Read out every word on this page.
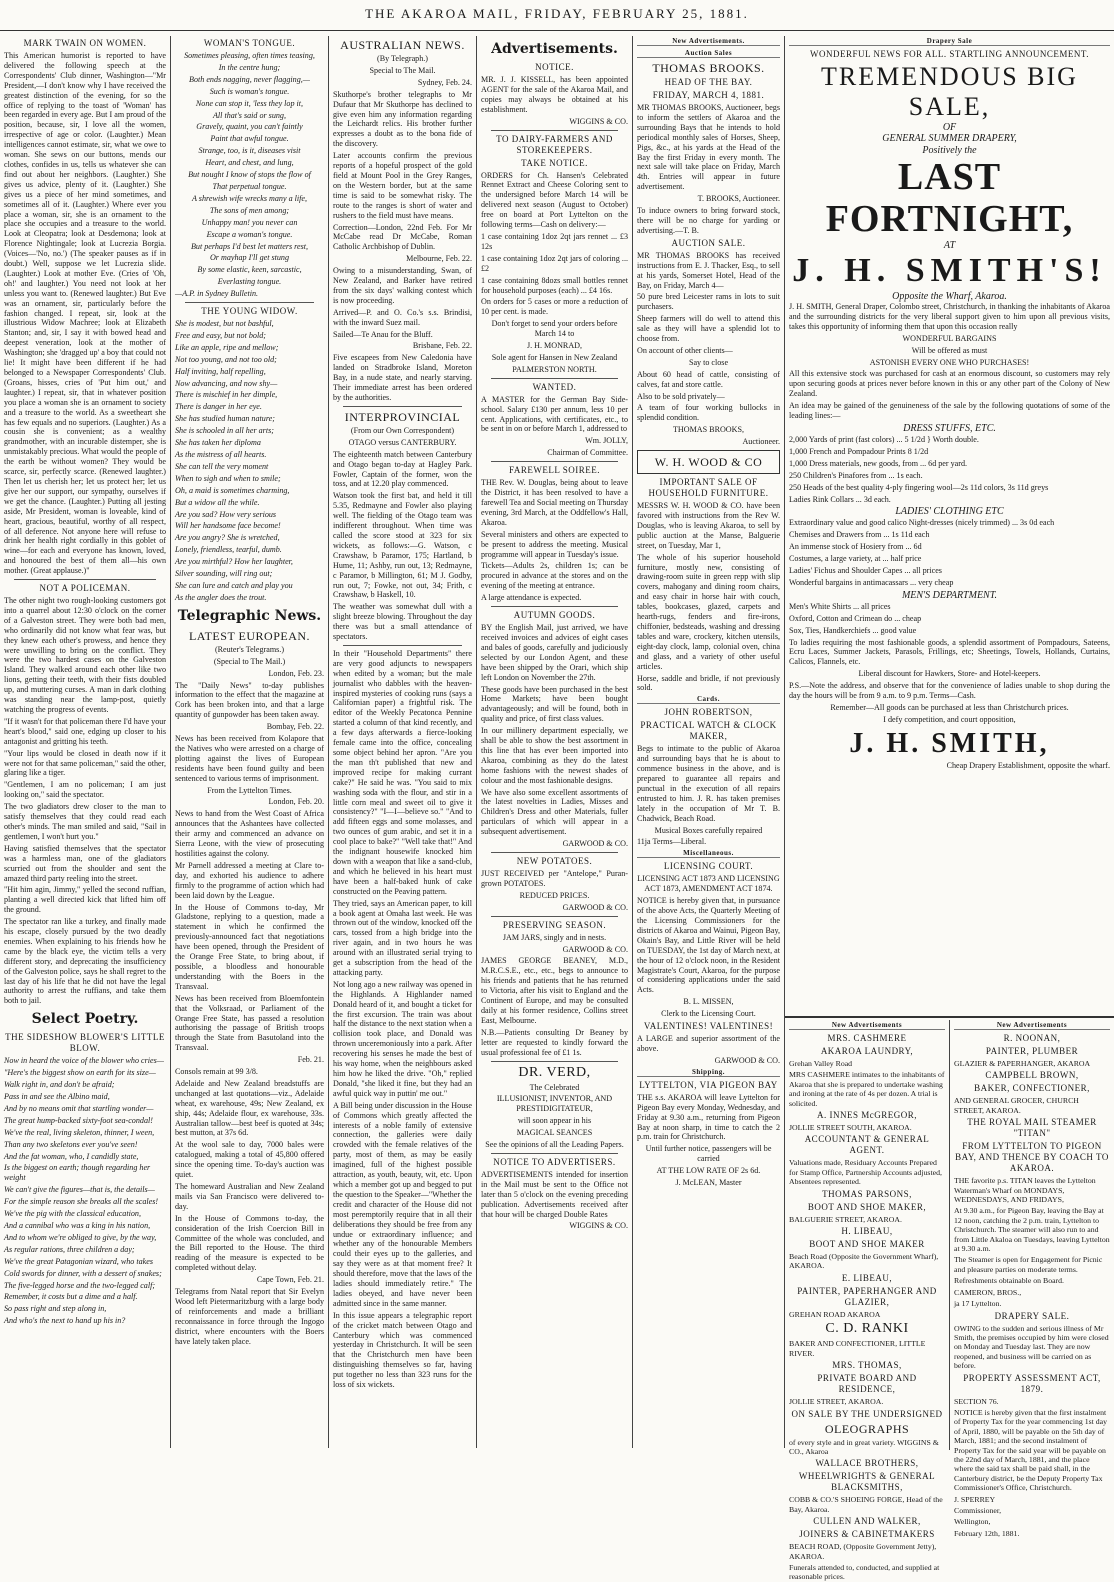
THE AKAROA MAIL, FRIDAY, FEBRUARY 25, 1881.
MARK TWAIN ON WOMEN.

This American humorist is reported to have delivered the following speech at the Correspondents' Club dinner, Washington—"Mr President,—I don't know why I have received the greatest distinction of the evening, for so the office of replying to the toast of 'Woman' has been regarded in every age. But I am proud of the position, because, sir, I love all the women, irrespective of age or color. (Laughter.) Mean intelligences cannot estimate, sir, what we owe to woman. She sews on our buttons, mends our clothes, confides in us, tells us whatever she can find out about her neighbors. (Laughter.) She gives us advice, plenty of it. (Laughter.) She gives us a piece of her mind sometimes, and sometimes all of it. (Laughter.) Where ever you place a woman, sir, she is an ornament to the place she occupies and a treasure to the world. Look at Cleopatra; look at Desdemona; look at Florence Nightingale; look at Lucrezia Borgia. (Voices—'No, no.') (The speaker pauses as if in doubt.) Well, suppose we let Lucrezia slide. (Laughter.) Look at mother Eve. (Cries of 'Oh, oh!' and laughter.) You need not look at her unless you want to. (Renewed laughter.) But Eve was an ornament, sir, particularly before the fashion changed. I repeat, sir, look at the illustrious Widow Machree; look at Elizabeth Stanton; and, sir, I say it with bowed head and deepest veneration, look at the mother of Washington; she 'dragged up' a boy that could not lie! It might have been different if he had belonged to a Newspaper Correspondents' Club. (Groans, hisses, cries of 'Put him out,' and laughter.) I repeat, sir, that in whatever position you place a woman she is an ornament to society and a treasure to the world. As a sweetheart she has few equals and no superiors. (Laughter.) As a cousin she is convenient; as a wealthy grandmother, with an incurable distemper, she is unmistakably precious. What would the people of the earth be without women? They would be scarce, sir, perfectly scarce. (Renewed laughter.) Then let us cherish her; let us protect her; let us give her our support, our sympathy, ourselves if we get the chance. (Laughter.) Putting all jesting aside, Mr President, woman is loveable, kind of heart, gracious, beautiful, worthy of all respect, of all deference. Not anyone here will refuse to drink her health right cordially in this goblet of wine—for each and everyone has known, loved, and honoured the best of them all—his own mother. (Great applause.)"

NOT A POLICEMAN.

The other night two rough-looking customers got into a quarrel about 12:30 o'clock on the corner of a Galveston street. They were both bad men, who ordinarily did not know what fear was, but they knew each other's prowess, and hence they were unwilling to bring on the conflict. They were the two hardest cases on the Galveston Island. They walked around each other like two lions, getting their teeth, with their fists doubled up, and muttering curses. A man in dark clothing was standing near the lamp-post, quietly watching the progress of events.

"If it wasn't for that policeman there I'd have your heart's blood," said one, edging up closer to his antagonist and gritting his teeth.

"Your lips would be closed in death now if it were not for that same policeman," said the other, glaring like a tiger.

"Gentlemen, I am no policeman; I am just looking on," said the spectator.

The two gladiators drew closer to the man to satisfy themselves that they could read each other's minds. The man smiled and said, "Sail in gentlemen, I won't hurt you."

Having satisfied themselves that the spectator was a harmless man, one of the gladiators scurried out from the shoulder and sent the amazed third party reeling into the street.

"Hit him agin, Jimmy," yelled the second ruffian, planting a well directed kick that lifted him off the ground.

The spectator ran like a turkey, and finally made his escape, closely pursued by the two deadly enemies. When explaining to his friends how he came by the black eye, the victim tells a very different story, and deprecating the insufficiency of the Galveston police, says he shall regret to the last day of his life that he did not have the legal authority to arrest the ruffians, and take them both to jail.

Select Poetry.
THE SIDESHOW BLOWER'S LITTLE BLOW.

Now in heard the voice of the blower who cries—

"Here's the biggest show on earth for its size—

Walk right in, and don't be afraid;

Pass in and see the Albino maid,

And by no means omit that startling wonder—

The great hump-backed sixty-foot sea-condal!

We've the real, living skeleton, thinner, I ween,

Than any two skeletons ever you've seen!

And the fat woman, who, I candidly state,

Is the biggest on earth; though regarding her weight

We can't give the figures—that is, the details—

For the simple reason she breaks all the scales!

We've the pig with the classical education,

And a cannibal who was a king in his nation,

And to whom we're obliged to give, by the way,

As regular rations, three children a day;

We've the great Patagonian wizard, who takes

Cold swords for dinner, with a dessert of snakes;

The five-legged horse and the two-legged calf;

Remember, it costs but a dime and a half.

So pass right and step along in,

And who's the next to hand up his in?

WOMAN'S TONGUE.

Sometimes pleasing, often times teasing,

In the centre hung;

Both ends nagging, never flagging,—

Such is woman's tongue.

None can stop it, 'less they lop it,

All that's said or sung,

Gravely, quaint, you can't faintly

Paint that awful tongue.

Strange, too, is it, diseases visit

Heart, and chest, and lung,

But nought I know of stops the flow of

That perpetual tongue.

A shrewish wife wrecks many a life,

The sons of men among;

Unhappy man! you never can

Escape a woman's tongue.

But perhaps I'd best let matters rest,

Or mayhap I'll get stung

By some elastic, keen, sarcastic,

Everlasting tongue.

—A.P. in Sydney Bulletin.

THE YOUNG WIDOW.

She is modest, but not bashful,

Free and easy, but not bold;

Like an apple, ripe and mellow;

Not too young, and not too old;

Half inviting, half repelling,

Now advancing, and now shy—

There is mischief in her dimple,

There is danger in her eye.

She has studied human nature;

She is schooled in all her arts;

She has taken her diploma

As the mistress of all hearts.

She can tell the very moment

When to sigh and when to smile;

Oh, a maid is sometimes charming,

But a widow all the while.

Are you sad? How very serious

Will her handsome face become!

Are you angry? She is wretched,

Lonely, friendless, tearful, dumb.

Are you mirthful? How her laughter,

Silver sounding, will ring out;

She can lure and catch and play you

As the angler does the trout.

Telegraphic News.
LATEST EUROPEAN.

(Reuter's Telegrams.)

(Special to The Mail.)

London, Feb. 23.

The "Daily News" to-day publishes information to the effect that the magazine at Cork has been broken into, and that a large quantity of gunpowder has been taken away.

Bombay, Feb. 22.

News has been received from Kolapore that the Natives who were arrested on a charge of plotting against the lives of European residents have been found guilty and been sentenced to various terms of imprisonment.

From the Lyttelton Times.

London, Feb. 20.

News to hand from the West Coast of Africa announces that the Ashantees have collected their army and commenced an advance on Sierra Leone, with the view of prosecuting hostilities against the colony.

Mr Parnell addressed a meeting at Clare to-day, and exhorted his audience to adhere firmly to the programme of action which had been laid down by the League.

In the House of Commons to-day, Mr Gladstone, replying to a question, made a statement in which he confirmed the previously-announced fact that negotiations have been opened, through the President of the Orange Free State, to bring about, if possible, a bloodless and honourable understanding with the Boers in the Transvaal.

News has been received from Bloemfontein that the Volksraad, or Parliament of the Orange Free State, has passed a resolution authorising the passage of British troops through the State from Basutoland into the Transvaal.

Feb. 21.

Consols remain at 99 3/8.

Adelaide and New Zealand breadstuffs are unchanged at last quotations—viz., Adelaide wheat, ex warehouse, 49s; New Zealand, ex ship, 44s; Adelaide flour, ex warehouse, 33s. Australian tallow—best beef is quoted at 34s; best mutton, at 37s 6d.

At the wool sale to day, 7000 bales were catalogued, making a total of 45,800 offered since the opening time. To-day's auction was quiet.

The homeward Australian and New Zealand mails via San Francisco were delivered to-day.

In the House of Commons to-day, the consideration of the Irish Coercion Bill in Committee of the whole was concluded, and the Bill reported to the House. The third reading of the measure is expected to be completed without delay.

Cape Town, Feb. 21.

Telegrams from Natal report that Sir Evelyn Wood left Pietermaritzburg with a large body of reinforcements and made a brilliant reconnaissance in force through the Ingogo district, where encounters with the Boers have lately taken place.

AUSTRALIAN NEWS.

(By Telegraph.)

Special to The Mail.

Sydney, Feb. 24.

Skuthorpe's brother telegraphs to Mr Dufaur that Mr Skuthorpe has declined to give even him any information regarding the Leichardt relics. His brother further expresses a doubt as to the bona fide of the discovery.

Later accounts confirm the previous reports of a hopeful prospect of the gold field at Mount Pool in the Grey Ranges, on the Western border, but at the same time is said to be somewhat risky. The route to the ranges is short of water and rushers to the field must have means.

Correction—London, 22nd Feb. For Mr McCabe read Dr McCabe, Roman Catholic Archbishop of Dublin.

Melbourne, Feb. 22.

Owing to a misunderstanding, Swan, of New Zealand, and Barker have retired from the six days' walking contest which is now proceeding.

Arrived—P. and O. Co.'s s.s. Brindisi, with the inward Suez mail.

Sailed—Te Anau for the Bluff.

Brisbane, Feb. 22.

Five escapees from New Caledonia have landed on Stradbroke Island, Moreton Bay, in a nude state, and nearly starving. Their immediate arrest has been ordered by the authorities.

INTERPROVINCIAL

(From our Own Correspondent)

OTAGO versus CANTERBURY.

The eighteenth match between Canterbury and Otago began to-day at Hagley Park. Fowler, Captain of the former, won the toss, and at 12.20 play commenced.

Watson took the first bat, and held it till 5.35, Redmayne and Fowler also playing well. The fielding of the Otago team was indifferent throughout. When time was called the score stood at 323 for six wickets, as follows:—G. Watson, c Crawshaw, b Paramor, 175; Hartland, b Hume, 11; Ashby, run out, 13; Redmayne, c Paramor, b Millington, 61; M J. Godby, run out, 7; Fowke, not out, 34; Frith, c Crawshaw, b Haskell, 10.

The weather was somewhat dull with a slight breeze blowing. Throughout the day there was but a small attendance of spectators.

In their "Household Departments" there are very good adjuncts to newspapers when edited by a woman; but the male journalist who dabbles with the heaven-inspired mysteries of cooking runs (says a Californian paper) a frightful risk. The editor of the Weekly Pecatonca Pennine started a column of that kind recently, and a few days afterwards a fierce-looking female came into the office, concealing some object behind her apron. "Are you the man th't published that new and improved recipe for making currant cake?" He said he was. "You said to mix washing soda with the flour, and stir in a little corn meal and sweet oil to give it consistency?" "I—I—believe so." "And to add fifteen eggs and some molasses, and two ounces of gum arabic, and set it in a cool place to bake?" "Well take that!" And the indignant housewife knocked him down with a weapon that like a sand-club, and which he believed in his heart must have been a half-baked hunk of cake constructed on the Peaving pattern.

They tried, says an American paper, to kill a book agent at Omaha last week. He was thrown out of the window, knocked off the cars, tossed from a high bridge into the river again, and in two hours he was around with an illustrated serial trying to get a subscription from the head of the attacking party.

Not long ago a new railway was opened in the Highlands. A Highlander named Donald heard of it, and bought a ticket for the first excursion. The train was about half the distance to the next station when a collision took place, and Donald was thrown unceremoniously into a park. After recovering his senses he made the best of his way home, when the neighbours asked him how he liked the drive. "Oh," replied Donald, "she liked it fine, but they had an awful quick way in puttin' me out."

A Bill being under discussion in the House of Commons which greatly affected the interests of a noble family of extensive connection, the galleries were daily crowded with the female relatives of the party, most of them, as may be easily imagined, full of the highest possible attraction, as youth, beauty, wit, etc. Upon which a member got up and begged to put the question to the Speaker—"Whether the credit and character of the House did not most peremptorily require that in all their deliberations they should be free from any undue or extraordinary influence; and whether any of the honourable Members could their eyes up to the galleries, and say they were as at that moment free? It should therefore, move that the laws of the ladies should immediately retire." The ladies obeyed, and have never been admitted since in the same manner.

In this issue appears a telegraphic report of the cricket match between Otago and Canterbury which was commenced yesterday in Christchurch. It will be seen that the Christchurch men have been distinguishing themselves so far, having put together no less than 323 runs for the loss of six wickets.

Advertisements.
NOTICE.

MR. J. J. KISSELL, has been appointed AGENT for the sale of the Akaroa Mail, and copies may always be obtained at his establishment.

WIGGINS & CO.

TO DAIRY-FARMERS AND STOREKEEPERS.
TAKE NOTICE.

ORDERS for Ch. Hansen's Celebrated Rennet Extract and Cheese Coloring sent to the undersigned before March 14 will be delivered next season (August to October) free on board at Port Lyttelton on the following terms—Cash on delivery:—

1 case containing 1doz 2qt jars rennet ... £3 12s

1 case containing 1doz 2qt jars of coloring ... £2

1 case containing 8dozs small bottles rennet for household purposes (each) ... £4 16s.

On orders for 5 cases or more a reduction of 10 per cent. is made.

Don't forget to send your orders before March 14 to

J. H. MONRAD,

Sole agent for Hansen in New Zealand

PALMERSTON NORTH.

WANTED.

A MASTER for the German Bay Side-school. Salary £130 per annum, less 10 per cent. Applications, with certificates, etc., to be sent in on or before March 1, addressed to

Wm. JOLLY,

Chairman of Committee.

FAREWELL SOIREE.

THE Rev. W. Douglas, being about to leave the District, it has been resolved to have a farewell Tea and Social meeting on Thursday evening, 3rd March, at the Oddfellow's Hall, Akaroa.

Several ministers and others are expected to be present to address the meeting. Musical programme will appear in Tuesday's issue.

Tickets—Adults 2s, children 1s; can be procured in advance at the stores and on the evening of the meeting at entrance.

A large attendance is expected.

AUTUMN GOODS.

BY the English Mail, just arrived, we have received invoices and advices of eight cases and bales of goods, carefully and judiciously selected by our London Agent, and these have been shipped by the Orari, which ship left London on November the 27th.

These goods have been purchased in the best Home Markets; have been bought advantageously; and will be found, both in quality and price, of first class values.

In our millinery department especially, we shall be able to show the best assortment in this line that has ever been imported into Akaroa, combining as they do the latest home fashions with the newest shades of colour and the most fashionable designs.

We have also some excellent assortments of the latest novelties in Ladies, Misses and Children's Dress and other Materials, fuller particulars of which will appear in a subsequent advertisement.

GARWOOD & CO.

NEW POTATOES.

JUST RECEIVED per "Antelope," Puran-grown POTATOES.

REDUCED PRICES.

GARWOOD & CO.

PRESERVING SEASON.

JAM JARS, singly and in nests.

GARWOOD & CO.

JAMES GEORGE BEANEY, M.D., M.R.C.S.E., etc., etc., begs to announce to his friends and patients that he has returned to Victoria, after his visit to England and the Continent of Europe, and may be consulted daily at his former residence, Collins street East, Melbourne.

N.B.—Patients consulting Dr Beaney by letter are requested to kindly forward the usual professional fee of £1 1s.

DR. VERD,

The Celebrated

ILLUSIONIST, INVENTOR, AND PRESTIDIGITATEUR,

will soon appear in his

MAGICAL SEANCES

See the opinions of all the Leading Papers.

NOTICE TO ADVERTISERS.

ADVERTISEMENTS intended for insertion in the Mail must be sent to the Office not later than 5 o'clock on the evening preceding publication. Advertisements received after that hour will be charged Double Rates

WIGGINS & CO.

New Advertisements.
Auction Sales
THOMAS BROOKS.
HEAD OF THE BAY.
FRIDAY, MARCH 4, 1881.

MR THOMAS BROOKS, Auctioneer, begs to inform the settlers of Akaroa and the surrounding Bays that he intends to hold periodical monthly sales of Horses, Sheep, Pigs, &c., at his yards at the Head of the Bay the first Friday in every month. The next sale will take place on Friday, March 4th. Entries will appear in future advertisement.

T. BROOKS, Auctioneer.

To induce owners to bring forward stock, there will be no charge for yarding or advertising.—T. B.

AUCTION SALE.

MR THOMAS BROOKS has received instructions from E. J. Thacker, Esq., to sell at his yards, Somerset Hotel, Head of the Bay, on Friday, March 4—

50 pure bred Leicester rams in lots to suit purchasers.

Sheep farmers will do well to attend this sale as they will have a splendid lot to choose from.

On account of other clients—

Say to close

About 60 head of cattle, consisting of calves, fat and store cattle.

Also to be sold privately—

A team of four working bullocks in splendid condition.

THOMAS BROOKS,

Auctioneer.

W. H. WOOD & CO
IMPORTANT SALE OF HOUSEHOLD FURNITURE.

MESSRS W. H. WOOD & CO. have been favored with instructions from the Rev W. Douglas, who is leaving Akaroa, to sell by public auction at the Manse, Balguerie street, on Tuesday, Mar 1,

The whole of his superior household furniture, mostly new, consisting of drawing-room suite in green repp with slip covers, mahogany and dining room chairs, and easy chair in horse hair with couch, tables, bookcases, glazed, carpets and hearth-rugs, fenders and fire-irons, chiffonier, bedsteads, washing and dressing tables and ware, crockery, kitchen utensils, eight-day clock, lamp, colonial oven, china and glass, and a variety of other useful articles.

Horse, saddle and bridle, if not previously sold.

Cards.
JOHN ROBERTSON,
PRACTICAL WATCH & CLOCK MAKER,

Begs to intimate to the public of Akaroa and surrounding bays that he is about to commence business in the above, and is prepared to guarantee all repairs and punctual in the execution of all repairs entrusted to him. J. R. has taken premises lately in the occupation of Mr T. B. Chadwick, Beach Road.

Musical Boxes carefully repaired

11ja Terms—Liberal.

Miscellaneous.
LICENSING COURT.

LICENSING ACT 1873 AND LICENSING ACT 1873, AMENDMENT ACT 1874.

NOTICE is hereby given that, in pursuance of the above Acts, the Quarterly Meeting of the Licensing Commissioners for the districts of Akaroa and Wainui, Pigeon Bay, Okain's Bay, and Little River will be held on TUESDAY, the 1st day of March next, at the hour of 12 o'clock noon, in the Resident Magistrate's Court, Akaroa, for the purpose of considering applications under the said Acts.

B. L. MISSEN,

Clerk to the Licensing Court.

VALENTINES! VALENTINES!

A LARGE and superior assortment of the above.

GARWOOD & CO.

Shipping.
LYTTELTON, VIA PIGEON BAY

THE s.s. AKAROA will leave Lyttelton for Pigeon Bay every Monday, Wednesday, and Friday at 9.30 a.m., returning from Pigeon Bay at noon sharp, in time to catch the 2 p.m. train for Christchurch.

Until further notice, passengers will be carried

AT THE LOW RATE OF 2s 6d.

J. McLEAN, Master

Drapery Sale
WONDERFUL NEWS FOR ALL. STARTLING ANNOUNCEMENT.
TREMENDOUS BIG SALE,
OF
GENERAL SUMMER DRAPERY,
Positively the
LAST FORTNIGHT,
AT
J. H. SMITH'S!
Opposite the Wharf, Akaroa.

J. H. SMITH, General Draper, Colombo street, Christchurch, in thanking the inhabitants of Akaroa and the surrounding districts for the very liberal support given to him upon all previous visits, takes this opportunity of informing them that upon this occasion really

WONDERFUL BARGAINS

Will be offered as must

ASTONISH EVERY ONE WHO PURCHASES!

All this extensive stock was purchased for cash at an enormous discount, so customers may rely upon securing goods at prices never before known in this or any other part of the Colony of New Zealand.

An idea may be gained of the genuineness of the sale by the following quotations of some of the leading lines:—

DRESS STUFFS, ETC.

2,000 Yards of print (fast colors) ... 5 1/2d } Worth double.

1,000 French and Pompadour Prints 8 1/2d

1,000 Dress materials, new goods, from ... 6d per yard.

250 Children's Pinafores from ... 1s each.

250 Heads of the best quality 4-ply fingering wool—2s 11d colors, 3s 11d greys

Ladies Rink Collars ... 3d each.

LADIES' CLOTHING ETC

Extraordinary value and good calico Night-dresses (nicely trimmed) ... 3s 0d each

Chemises and Drawers from ... 1s 11d each

An immense stock of Hosiery from ... 6d

Costumes, a large variety, at ... half price

Ladies' Fichus and Shoulder Capes ... all prices

Wonderful bargains in antimacassars ... very cheap

MEN'S DEPARTMENT.

Men's White Shirts ... all prices

Oxford, Cotton and Crimean do ... cheap

Sox, Ties, Handkerchiefs ... good value

To ladies requiring the most fashionable goods, a splendid assortment of Pompadours, Sateens, Ecru Laces, Summer Jackets, Parasols, Frillings, etc; Sheetings, Towels, Hollands, Curtains, Calicos, Flannels, etc.

Liberal discount for Hawkers, Store- and Hotel-keepers.

P.S.—Note the address, and observe that for the convenience of ladies unable to shop during the day the hours will be from 9 a.m. to 9 p.m. Terms—Cash.

Remember—All goods can be purchased at less than Christchurch prices.

I defy competition, and court opposition,

J. H. SMITH,

Cheap Drapery Establishment, opposite the wharf.

New Advertisements
MRS. CASHMERE
AKAROA LAUNDRY,

Grehan Valley Road

MRS CASHMERE intimates to the inhabitants of Akaroa that she is prepared to undertake washing and ironing at the rate of 4s per dozen. A trial is solicited.

A. INNES McGREGOR,

JOLLIE STREET SOUTH, AKAROA.

ACCOUNTANT & GENERAL AGENT.

Valuations made, Residuary Accounts Prepared for Stamp Office, Partnership Accounts adjusted, Absentees represented.

THOMAS PARSONS,
BOOT AND SHOE MAKER,

BALGUERIE STREET, AKAROA.

H. LIBEAU,
BOOT AND SHOE MAKER

Beach Road (Opposite the Government Wharf), AKAROA.

E. LIBEAU,
PAINTER, PAPERHANGER AND GLAZIER,

GREHAN ROAD AKAROA

C. D. RANKI

BAKER AND CONFECTIONER, LITTLE RIVER.

MRS. THOMAS,
PRIVATE BOARD AND RESIDENCE,

JOLLIE STREET, AKAROA.

ON SALE BY THE UNDERSIGNED
OLEOGRAPHS

of every style and in great variety. WIGGINS & CO., Akaroa

WALLACE BROTHERS,
WHEELWRIGHTS & GENERAL BLACKSMITHS,

COBB & CO.'S SHOEING FORGE, Head of the Bay, Akaroa.

CULLEN AND WALKER,
JOINERS & CABINETMAKERS

BEACH ROAD, (Opposite Government Jetty), AKAROA.

Funerals attended to, conducted, and supplied at reasonable prices.

New Advertisements
R. NOONAN,
PAINTER, PLUMBER

GLAZIER & PAPERHANGER, AKAROA

CAMPBELL BROWN,
BAKER, CONFECTIONER,

AND GENERAL GROCER, CHURCH STREET, AKAROA.

THE ROYAL MAIL STEAMER "TITAN"
FROM LYTTELTON TO PIGEON BAY, AND THENCE BY COACH TO AKAROA.

THE favorite p.s. TITAN leaves the Lyttelton Waterman's Wharf on MONDAYS, WEDNESDAYS, AND FRIDAYS,

At 9.30 a.m., for Pigeon Bay, leaving the Bay at 12 noon, catching the 2 p.m. train, Lyttelton to Christchurch. The steamer will also run to and from Little Akaloa on Tuesdays, leaving Lyttelton at 9.30 a.m.

The Steamer is open for Engagement for Picnic and pleasure parties on moderate terms.

Refreshments obtainable on Board.

CAMERON, BROS.,

ja 17 Lyttelton.

DRAPERY SALE.

OWING to the sudden and serious illness of Mr Smith, the premises occupied by him were closed on Monday and Tuesday last. They are now reopened, and business will be carried on as before.

PROPERTY ASSESSMENT ACT, 1879.

SECTION 76.

NOTICE is hereby given that the first instalment of Property Tax for the year commencing 1st day of April, 1880, will be payable on the 5th day of March, 1881; and the second instalment of Property Tax for the said year will be payable on the 22nd day of March, 1881, and the place where the said tax shall be paid shall, in the Canterbury district, be the Deputy Property Tax Commissioner's Office, Christchurch.

J. SPERREY

Commissioner,

Wellington,

February 12th, 1881.
